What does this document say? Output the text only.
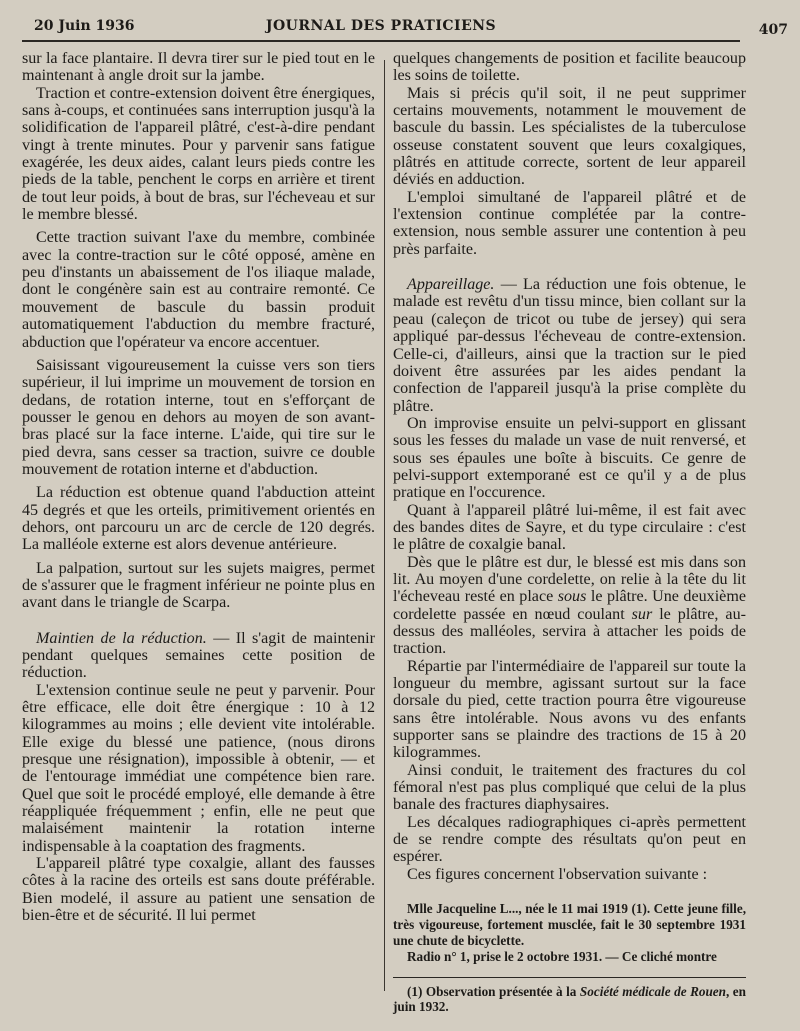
20 Juin 1936	JOURNAL DES PRATICIENS	407

sur la face plantaire. Il devra tirer sur le pied tout en le maintenant à angle droit sur la jambe.

Traction et contre-extension doivent être énergiques, sans à-coups, et continuées sans interruption jusqu'à la solidification de l'appareil plâtré, c'est-à-dire pendant vingt à trente minutes. Pour y parvenir sans fatigue exagérée, les deux aides, calant leurs pieds contre les pieds de la table, penchent le corps en arrière et tirent de tout leur poids, à bout de bras, sur l'écheveau et sur le membre blessé.

Cette traction suivant l'axe du membre, combinée avec la contre-traction sur le côté opposé, amène en peu d'instants un abaissement de l'os iliaque malade, dont le congénère sain est au contraire remonté. Ce mouvement de bascule du bassin produit automatiquement l'abduction du membre fracturé, abduction que l'opérateur va encore accentuer.

Saisissant vigoureusement la cuisse vers son tiers supérieur, il lui imprime un mouvement de torsion en dedans, de rotation interne, tout en s'efforçant de pousser le genou en dehors au moyen de son avant-bras placé sur la face interne. L'aide, qui tire sur le pied devra, sans cesser sa traction, suivre ce double mouvement de rotation interne et d'abduction.

La réduction est obtenue quand l'abduction atteint 45 degrés et que les orteils, primitivement orientés en dehors, ont parcouru un arc de cercle de 120 degrés. La malléole externe est alors devenue antérieure.

La palpation, surtout sur les sujets maigres, permet de s'assurer que le fragment inférieur ne pointe plus en avant dans le triangle de Scarpa.

Maintien de la réduction. — Il s'agit de maintenir pendant quelques semaines cette position de réduction.

L'extension continue seule ne peut y parvenir. Pour être efficace, elle doit être énergique : 10 à 12 kilogrammes au moins ; elle devient vite intolérable. Elle exige du blessé une patience, (nous dirons presque une résignation), impossible à obtenir, — et de l'entourage immédiat une compétence bien rare. Quel que soit le procédé employé, elle demande à être réappliquée fréquemment ; enfin, elle ne peut que malaisément maintenir la rotation interne indispensable à la coaptation des fragments.

L'appareil plâtré type coxalgie, allant des fausses côtes à la racine des orteils est sans doute préférable. Bien modelé, il assure au patient une sensation de bien-être et de sécurité. Il lui permet

quelques changements de position et facilite beaucoup les soins de toilette.

Mais si précis qu'il soit, il ne peut supprimer certains mouvements, notamment le mouvement de bascule du bassin. Les spécialistes de la tuberculose osseuse constatent souvent que leurs coxalgiques, plâtrés en attitude correcte, sortent de leur appareil déviés en adduction.

L'emploi simultané de l'appareil plâtré et de l'extension continue complétée par la contre-extension, nous semble assurer une contention à peu près parfaite.

Appareillage. — La réduction une fois obtenue, le malade est revêtu d'un tissu mince, bien collant sur la peau (caleçon de tricot ou tube de jersey) qui sera appliqué par-dessus l'écheveau de contre-extension. Celle-ci, d'ailleurs, ainsi que la traction sur le pied doivent être assurées par les aides pendant la confection de l'appareil jusqu'à la prise complète du plâtre.

On improvise ensuite un pelvi-support en glissant sous les fesses du malade un vase de nuit renversé, et sous ses épaules une boîte à biscuits. Ce genre de pelvi-support extemporané est ce qu'il y a de plus pratique en l'occurence.

Quant à l'appareil plâtré lui-même, il est fait avec des bandes dites de Sayre, et du type circulaire : c'est le plâtre de coxalgie banal.

Dès que le plâtre est dur, le blessé est mis dans son lit. Au moyen d'une cordelette, on relie à la tête du lit l'écheveau resté en place sous le plâtre. Une deuxième cordelette passée en nœud coulant sur le plâtre, au-dessus des malléoles, servira à attacher les poids de traction.

Répartie par l'intermédiaire de l'appareil sur toute la longueur du membre, agissant surtout sur la face dorsale du pied, cette traction pourra être vigoureuse sans être intolérable. Nous avons vu des enfants supporter sans se plaindre des tractions de 15 à 20 kilogrammes.

Ainsi conduit, le traitement des fractures du col fémoral n'est pas plus compliqué que celui de la plus banale des fractures diaphysaires.

Les décalques radiographiques ci-après permettent de se rendre compte des résultats qu'on peut en espérer.

Ces figures concernent l'observation suivante :

Mlle Jacqueline L..., née le 11 mai 1919 (1). Cette jeune fille, très vigoureuse, fortement musclée, fait le 30 septembre 1931 une chute de bicyclette.

Radio n° 1, prise le 2 octobre 1931. — Ce cliché montre

(1) Observation présentée à la Société médicale de Rouen, en juin 1932.
